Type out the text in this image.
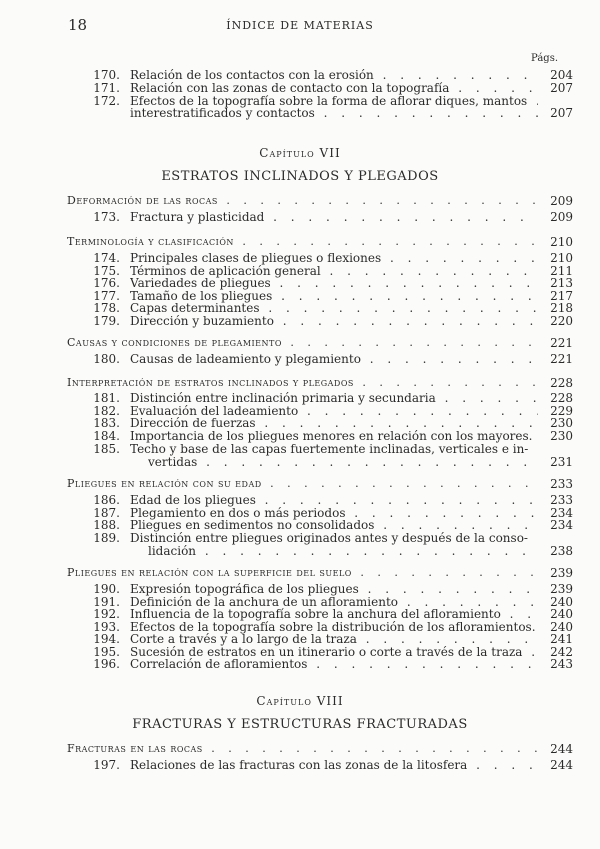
18	ÍNDICE DE MATERIAS
Págs.
170. Relación de los contactos con la erosión . . .	204
171. Relación con las zonas de contacto con la topografía . . .	207
172. Efectos de la topografía sobre la forma de aflorar diques, mantos . . .
interestratificados y contactos . . .	207
Capítulo VII
ESTRATOS INCLINADOS Y PLEGADOS
Deformación de las rocas . . .	209
173. Fractura y plasticidad . . .	209
Terminología y clasificación . . .	210
174. Principales clases de pliegues o flexiones . . .	210
175. Términos de aplicación general . . .	211
176. Variedades de pliegues . . .	213
177. Tamaño de los pliegues . . .	217
178. Capas determinantes . . .	218
179. Dirección y buzamiento . . .	220
Causas y condiciones de plegamiento . . .	221
180. Causas de ladeamiento y plegamiento . . .	221
Interpretación de estratos inclinados y plegados . . .	228
181. Distinción entre inclinación primaria y secundaria . . .	228
182. Evaluación del ladeamiento . . .	229
183. Dirección de fuerzas . . .	230
184. Importancia de los pliegues menores en relación con los mayores.	230
185. Techo y base de las capas fuertemente inclinadas, verticales e in-
vertidas . . .	231
Pliegues en relación con su edad . . .	233
186. Edad de los pliegues . . .	233
187. Plegamiento en dos o más periodos . . .	234
188. Pliegues en sedimentos no consolidados . . .	234
189. Distinción entre pliegues originados antes y después de la conso-
lidación . . .	238
Pliegues en relación con la superficie del suelo . . .	239
190. Expresión topográfica de los pliegues . . .	239
191. Definición de la anchura de un afloramiento . . .	240
192. Influencia de la topografía sobre la anchura del afloramiento . . .	240
193. Efectos de la topografía sobre la distribución de los afloramientos.	240
194. Corte a través y a lo largo de la traza . . .	241
195. Sucesión de estratos en un itinerario o corte a través de la traza . . .	242
196. Correlación de afloramientos . . .	243
Capítulo VIII
FRACTURAS Y ESTRUCTURAS FRACTURADAS
Fracturas en las rocas . . .	244
197. Relaciones de las fracturas con las zonas de la litosfera . . .	244
